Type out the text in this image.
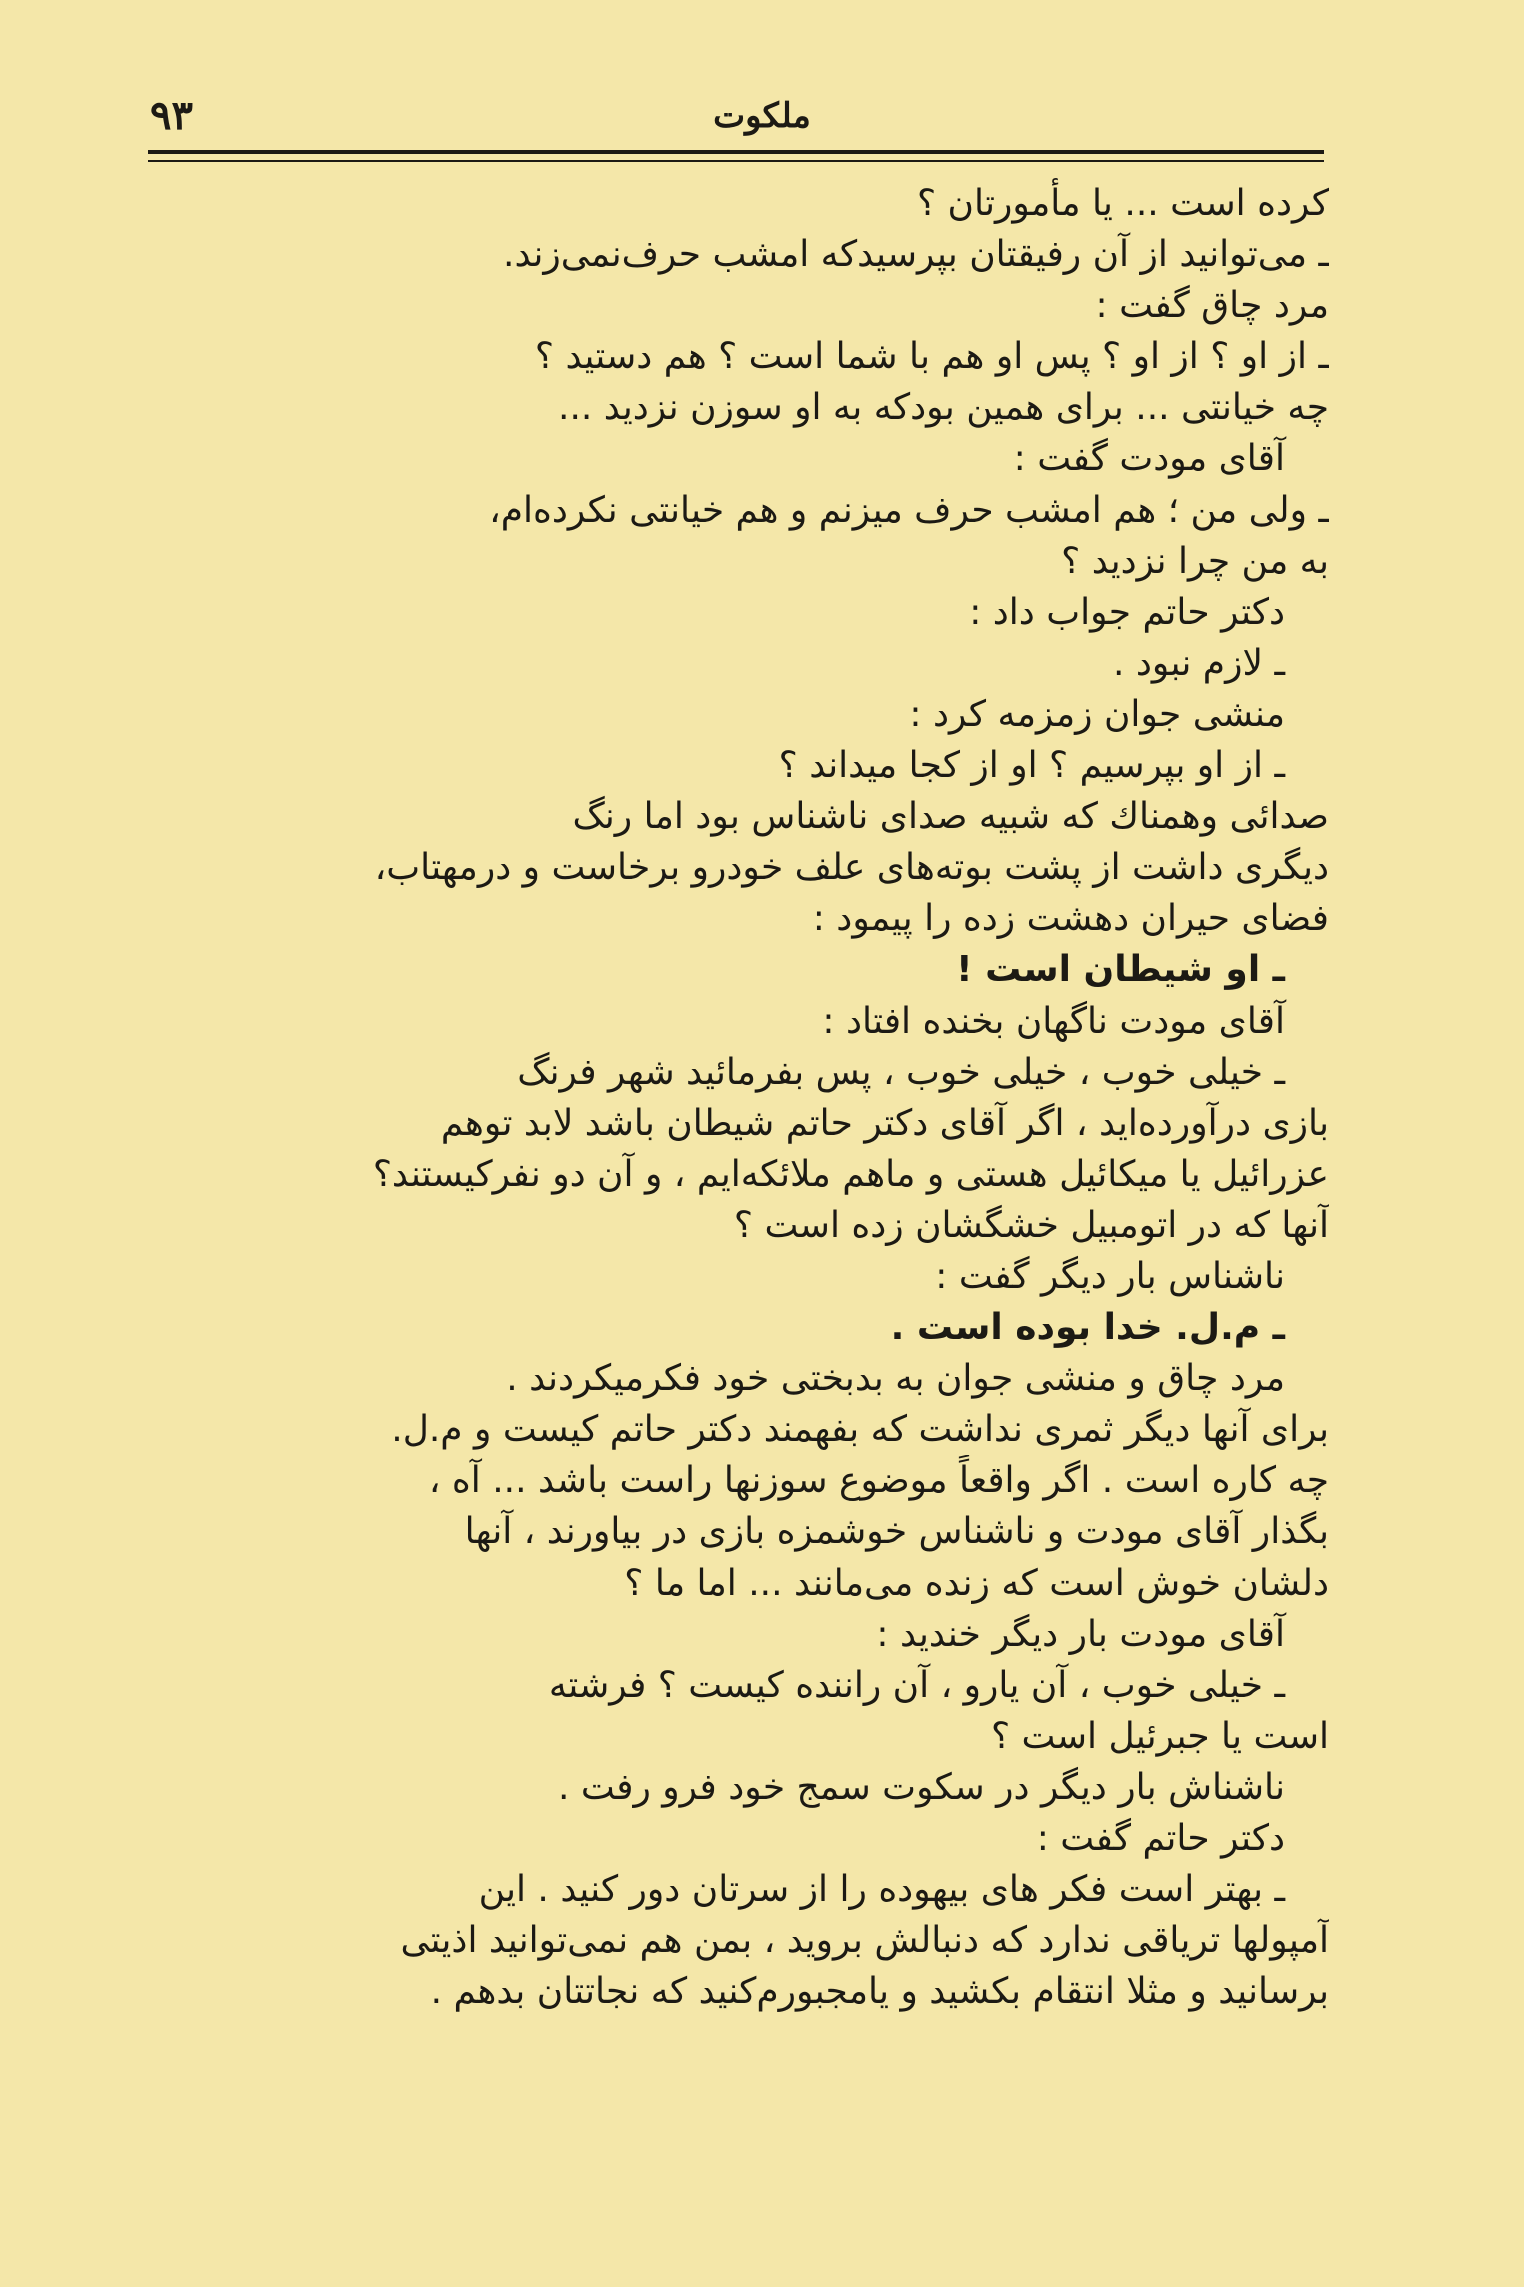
۹۳	ملکوت
کرده است ... یا مأمورتان ؟
ـ می‌توانید از آن رفیقتان بپرسیدکه امشب حرف‌نمی‌زند.
مرد چاق گفت :
ـ از او ؟ از او ؟ پس او هم با شما است ؟ هم دستید ؟
چه خیانتی ... برای همین بودکه به او سوزن نزدید ...
آقای مودت گفت :
ـ ولی من ؛ هم امشب حرف میزنم و هم خیانتی نکرده‌ام،
به من چرا نزدید ؟
دکتر حاتم جواب داد :
ـ لازم نبود .
منشی جوان زمزمه کرد :
ـ از او بپرسیم ؟ او از کجا میداند ؟
صدائی وهمناك که شبیه صدای ناشناس بود اما رنگ
دیگری داشت از پشت بوته‌های علف خودرو برخاست و درمهتاب،
فضای حیران دهشت زده را پیمود :
ـ او شیطان است !
آقای مودت ناگهان بخنده افتاد :
ـ خیلی خوب ، خیلی خوب ، پس بفرمائید شهر فرنگ
بازی درآورده‌اید ، اگر آقای دکتر حاتم شیطان باشد لابد توهم
عزرائیل یا میکائیل هستی و ماهم ملائکه‌ایم ، و آن دو نفرکیستند؟
آنها که در اتومبیل خشگشان زده است ؟
ناشناس بار دیگر گفت :
ـ م.ل. خدا بوده است .
مرد چاق و منشی جوان به بدبختی خود فکرمیکردند .
برای آنها دیگر ثمری نداشت که بفهمند دکتر حاتم کیست و م.ل.
چه کاره است . اگر واقعاً موضوع سوزنها راست باشد ... آه ،
بگذار آقای مودت و ناشناس خوشمزه بازی در بیاورند ، آنها
دلشان خوش است که زنده می‌مانند ... اما ما ؟
آقای مودت بار دیگر خندید :
ـ خیلی خوب ، آن یارو ، آن راننده کیست ؟ فرشته
است یا جبرئیل است ؟
ناشناش بار دیگر در سکوت سمج خود فرو رفت .
دکتر حاتم گفت :
ـ بهتر است فکر های بیهوده را از سرتان دور کنید . این
آمپولها تریاقی ندارد که دنبالش بروید ، بمن هم نمی‌توانید اذیتی
برسانید و مثلا انتقام بکشید و یامجبورم‌کنید که نجاتتان بدهم .
